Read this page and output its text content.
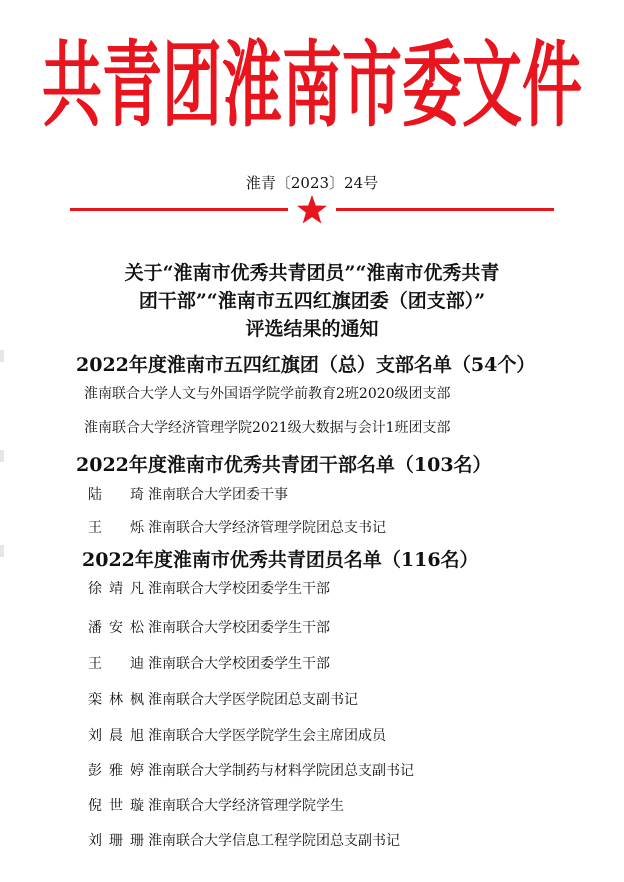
共青团淮南市委文件
淮青〔2023〕24号
关于“淮南市优秀共青团员”“淮南市优秀共青
团干部”“淮南市五四红旗团委（团支部）”
评选结果的通知
2022年度淮南市五四红旗团（总）支部名单（54个）
淮南联合大学人文与外国语学院学前教育2班2020级团支部
淮南联合大学经济管理学院2021级大数据与会计1班团支部
2022年度淮南市优秀共青团干部名单（103名）
陆琦 淮南联合大学团委干事
王烁 淮南联合大学经济管理学院团总支书记
2022年度淮南市优秀共青团员名单（116名）
徐靖凡 淮南联合大学校团委学生干部
潘安松 淮南联合大学校团委学生干部
王迪 淮南联合大学校团委学生干部
栾林枫 淮南联合大学医学院团总支副书记
刘晨旭 淮南联合大学医学院学生会主席团成员
彭雅婷 淮南联合大学制药与材料学院团总支副书记
倪世璇 淮南联合大学经济管理学院学生
刘珊珊 淮南联合大学信息工程学院团总支副书记
